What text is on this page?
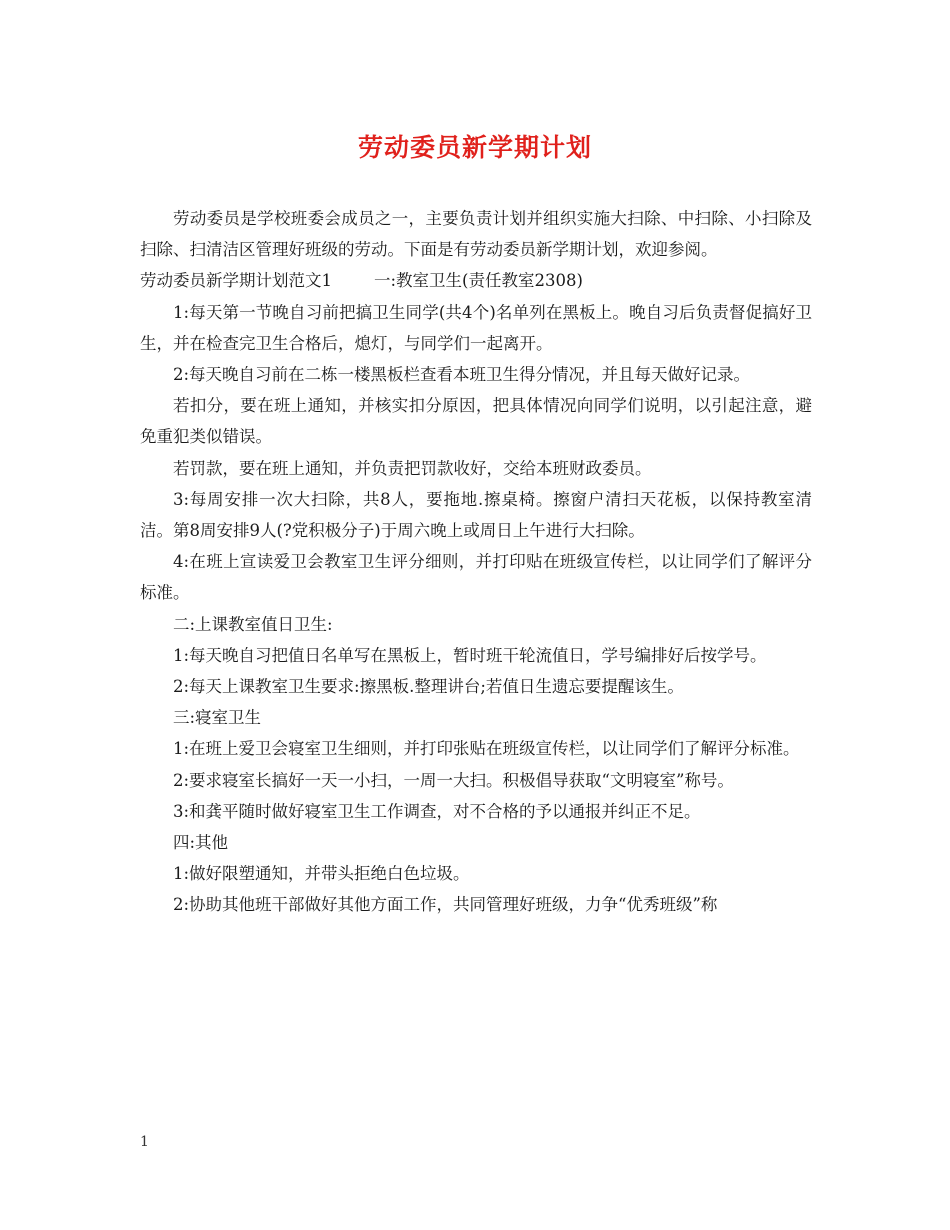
劳动委员新学期计划

劳动委员是学校班委会成员之一，主要负责计划并组织实施大扫除、中扫除、小扫除及扫除、扫清洁区管理好班级的劳动。下面是有劳动委员新学期计划，欢迎参阅。

劳动委员新学期计划范文1	一:教室卫生(责任教室2308)

1:每天第一节晚自习前把搞卫生同学(共4个)名单列在黑板上。晚自习后负责督促搞好卫生，并在检查完卫生合格后，熄灯，与同学们一起离开。

2:每天晚自习前在二栋一楼黑板栏查看本班卫生得分情况，并且每天做好记录。

若扣分，要在班上通知，并核实扣分原因，把具体情况向同学们说明，以引起注意，避免重犯类似错误。

若罚款，要在班上通知，并负责把罚款收好，交给本班财政委员。

3:每周安排一次大扫除，共8人，要拖地.擦桌椅。擦窗户清扫天花板，以保持教室清洁。第8周安排9人(?党积极分子)于周六晚上或周日上午进行大扫除。

4:在班上宣读爱卫会教室卫生评分细则，并打印贴在班级宣传栏，以让同学们了解评分标准。

二:上课教室值日卫生:

1:每天晚自习把值日名单写在黑板上，暂时班干轮流值日，学号编排好后按学号。

2:每天上课教室卫生要求:擦黑板.整理讲台;若值日生遗忘要提醒该生。

三:寝室卫生

1:在班上爱卫会寝室卫生细则，并打印张贴在班级宣传栏，以让同学们了解评分标准。

2:要求寝室长搞好一天一小扫，一周一大扫。积极倡导获取“文明寝室”称号。

3:和龚平随时做好寝室卫生工作调查，对不合格的予以通报并纠正不足。

四:其他

1:做好限塑通知，并带头拒绝白色垃圾。

2:协助其他班干部做好其他方面工作，共同管理好班级，力争“优秀班级”称

1
